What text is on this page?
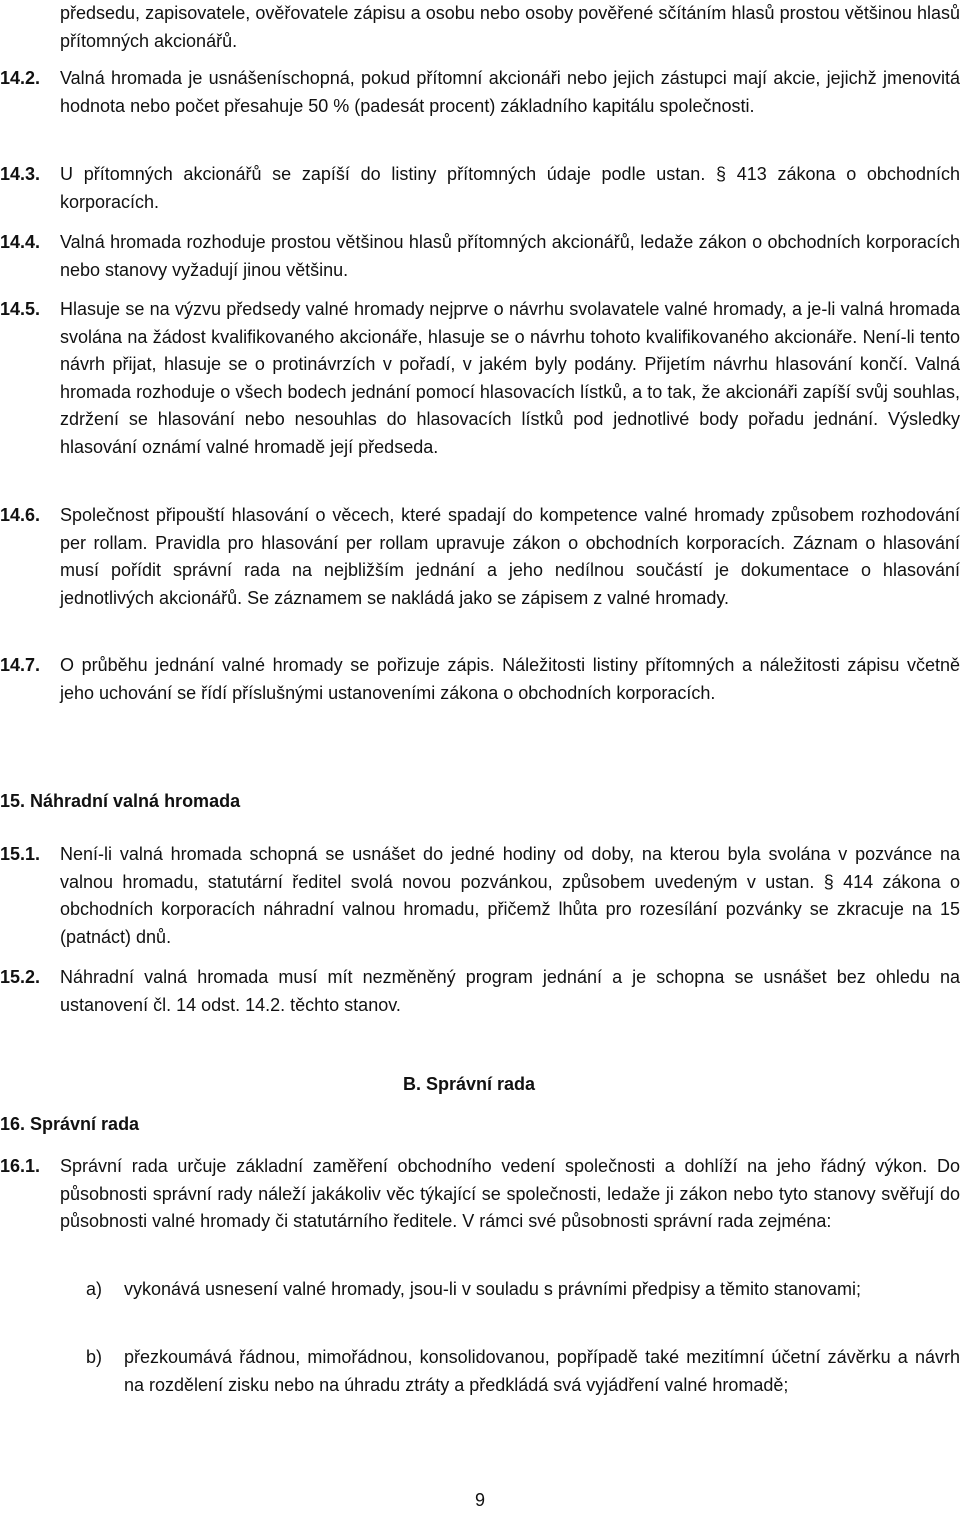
předsedu, zapisovatele, ověřovatele zápisu a osobu nebo osoby pověřené sčítáním hlasů prostou většinou hlasů přítomných akcionářů.

14.2. Valná hromada je usnášeníschopná, pokud přítomní akcionáři nebo jejich zástupci mají akcie, jejichž jmenovitá hodnota nebo počet přesahuje 50 % (padesát procent) základního kapitálu společnosti.
14.3. U přítomných akcionářů se zapíší do listiny přítomných údaje podle ustan. § 413 zákona o obchodních korporacích.
14.4. Valná hromada rozhoduje prostou většinou hlasů přítomných akcionářů, ledaže zákon o obchodních korporacích nebo stanovy vyžadují jinou většinu.
14.5. Hlasuje se na výzvu předsedy valné hromady nejprve o návrhu svolavatele valné hromady, a je-li valná hromada svolána na žádost kvalifikovaného akcionáře, hlasuje se o návrhu tohoto kvalifikovaného akcionáře. Není-li tento návrh přijat, hlasuje se o protinávrzích v pořadí, v jakém byly podány. Přijetím návrhu hlasování končí. Valná hromada rozhoduje o všech bodech jednání pomocí hlasovacích lístků, a to tak, že akcionáři zapíší svůj souhlas, zdržení se hlasování nebo nesouhlas do hlasovacích lístků pod jednotlivé body pořadu jednání. Výsledky hlasování oznámí valné hromadě její předseda.
14.6. Společnost připouští hlasování o věcech, které spadají do kompetence valné hromady způsobem rozhodování per rollam. Pravidla pro hlasování per rollam upravuje zákon o obchodních korporacích. Záznam o hlasování musí pořídit správní rada na nejbližším jednání a jeho nedílnou součástí je dokumentace o hlasování jednotlivých akcionářů. Se záznamem se nakládá jako se zápisem z valné hromady.
14.7. O průběhu jednání valné hromady se pořizuje zápis. Náležitosti listiny přítomných a náležitosti zápisu včetně jeho uchování se řídí příslušnými ustanoveními zákona o obchodních korporacích.
15. Náhradní valná hromada
15.1. Není-li valná hromada schopná se usnášet do jedné hodiny od doby, na kterou byla svolána v pozvánce na valnou hromadu, statutární ředitel svolá novou pozvánkou, způsobem uvedeným v ustan. § 414 zákona o obchodních korporacích náhradní valnou hromadu, přičemž lhůta pro rozesílání pozvánky se zkracuje na 15 (patnáct) dnů.
15.2. Náhradní valná hromada musí mít nezměněný program jednání a je schopna se usnášet bez ohledu na ustanovení čl. 14 odst. 14.2. těchto stanov.
B. Správní rada
16. Správní rada
16.1. Správní rada určuje základní zaměření obchodního vedení společnosti a dohlíží na jeho řádný výkon. Do působnosti správní rady náleží jakákoliv věc týkající se společnosti, ledaže ji zákon nebo tyto stanovy svěřují do působnosti valné hromady či statutárního ředitele. V rámci své působnosti správní rada zejména:
a) vykonává usnesení valné hromady, jsou-li v souladu s právními předpisy a těmito stanovami;
b) přezkoumává řádnou, mimořádnou, konsolidovanou, popřípadě také mezitímní účetní závěrku a návrh na rozdělení zisku nebo na úhradu ztráty a předkládá svá vyjádření valné hromadě;
9
